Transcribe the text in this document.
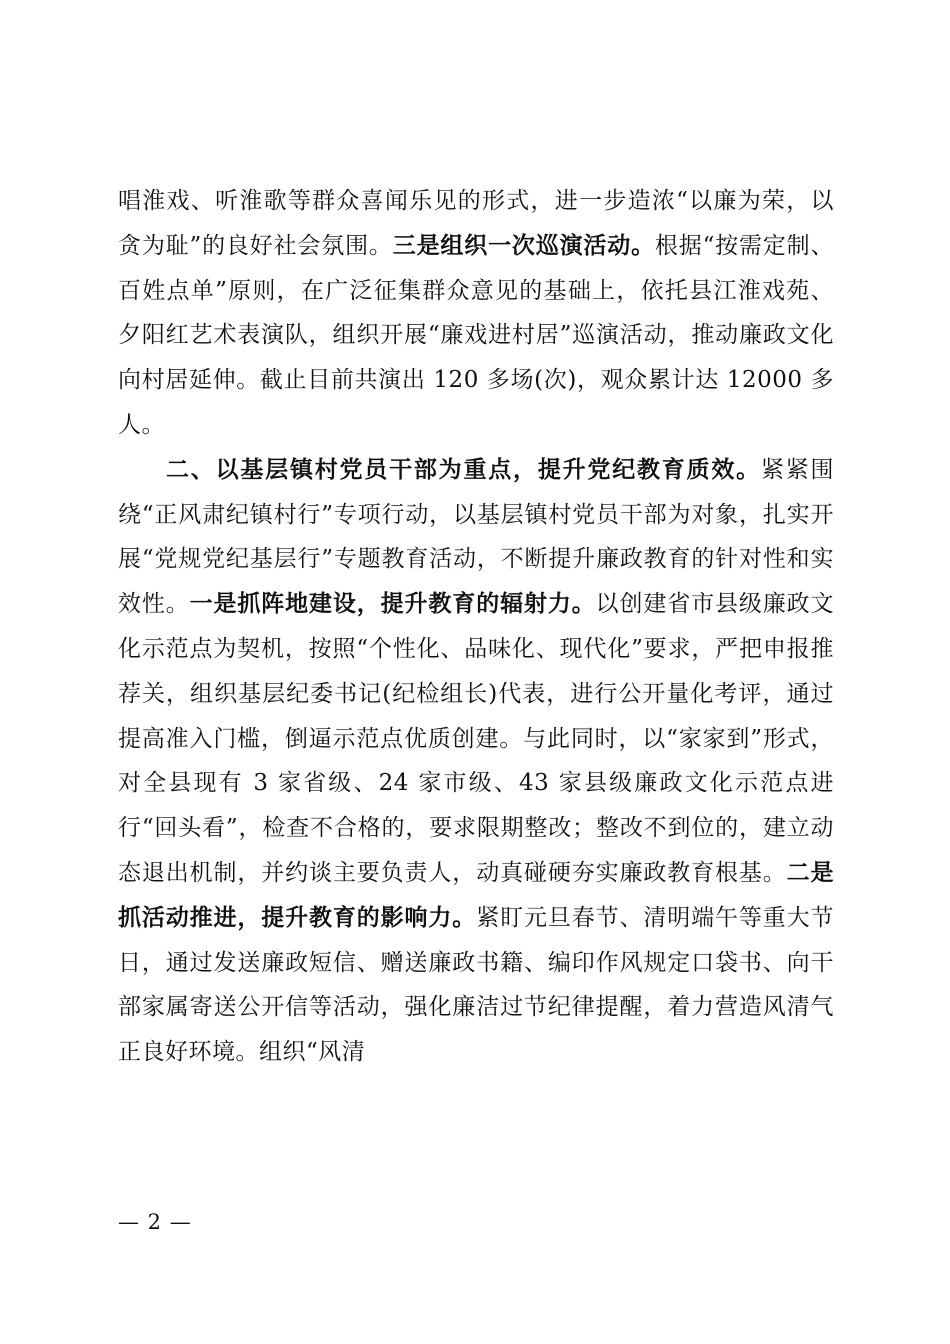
唱淮戏、听淮歌等群众喜闻乐见的形式，进一步造浓“以廉为荣，以贪为耻”的良好社会氛围。三是组织一次巡演活动。根据“按需定制、百姓点单”原则，在广泛征集群众意见的基础上，依托县江淮戏苑、夕阳红艺术表演队，组织开展“廉戏进村居”巡演活动，推动廉政文化向村居延伸。截止目前共演出 120 多场(次)，观众累计达 12000 多人。

二、以基层镇村党员干部为重点，提升党纪教育质效。紧紧围绕“正风肃纪镇村行”专项行动，以基层镇村党员干部为对象，扎实开展“党规党纪基层行”专题教育活动，不断提升廉政教育的针对性和实效性。一是抓阵地建设，提升教育的辐射力。以创建省市县级廉政文化示范点为契机，按照“个性化、品味化、现代化”要求，严把申报推荐关，组织基层纪委书记(纪检组长)代表，进行公开量化考评，通过提高准入门槛，倒逼示范点优质创建。与此同时，以“家家到”形式，对全县现有 3 家省级、24 家市级、43 家县级廉政文化示范点进行“回头看”，检查不合格的，要求限期整改；整改不到位的，建立动态退出机制，并约谈主要负责人，动真碰硬夯实廉政教育根基。二是抓活动推进，提升教育的影响力。紧盯元旦春节、清明端午等重大节日，通过发送廉政短信、赠送廉政书籍、编印作风规定口袋书、向干部家属寄送公开信等活动，强化廉洁过节纪律提醒，着力营造风清气正良好环境。组织“风清

— 2 —
